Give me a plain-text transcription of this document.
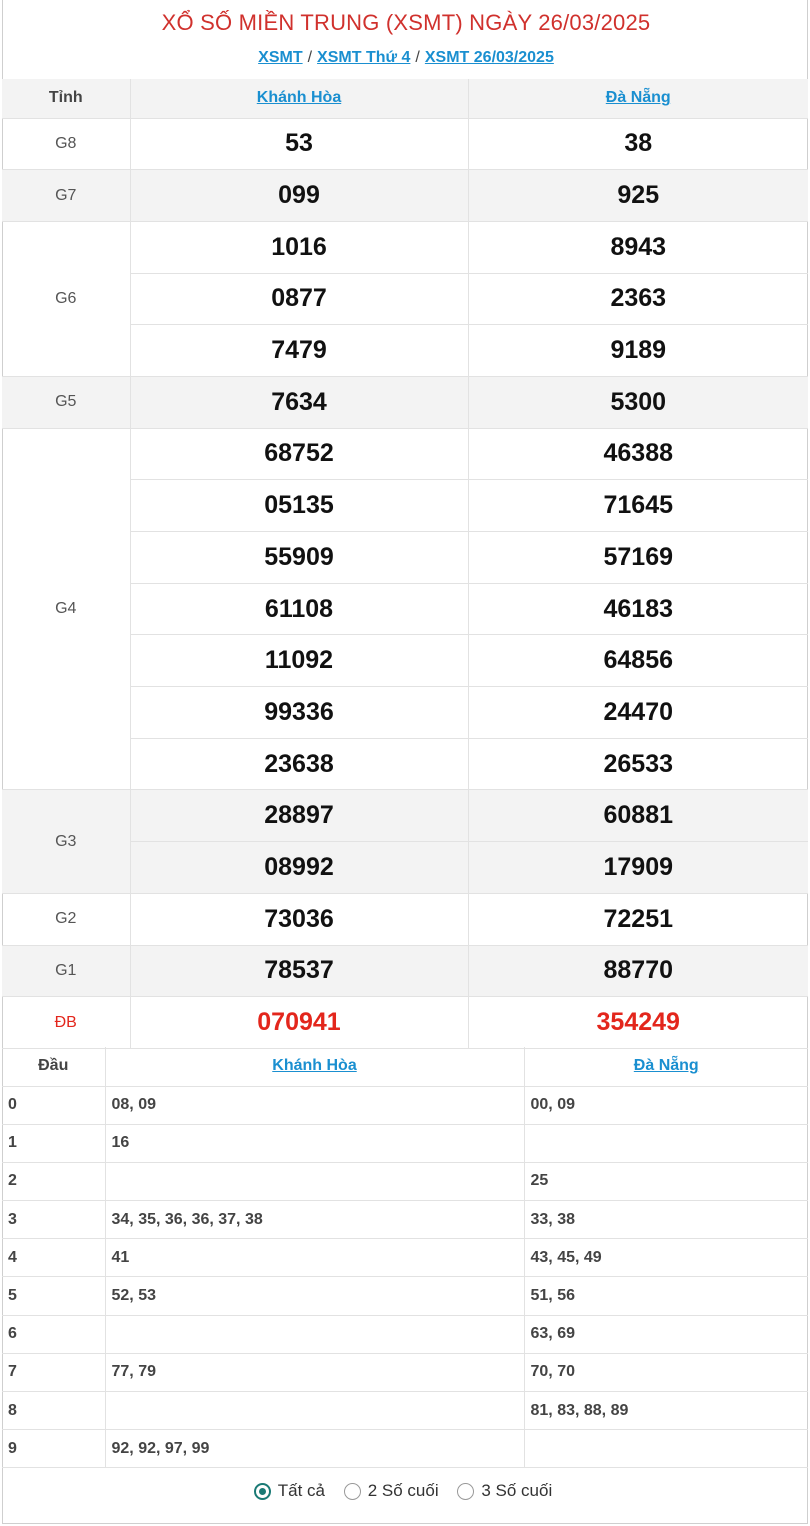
XỔ SỐ MIỀN TRUNG (XSMT) NGÀY 26/03/2025
XSMT / XSMT Thứ 4 / XSMT 26/03/2025
Tỉnh	Khánh Hòa	Đà Nẵng
G8	53	38
G7	099	925
G6	1016	8943
	0877	2363
	7479	9189
G5	7634	5300
G4	68752	46388
	05135	71645
	55909	57169
	61108	46183
	11092	64856
	99336	24470
	23638	26533
G3	28897	60881
	08992	17909
G2	73036	72251
G1	78537	88770
ĐB	070941	354249
Đầu	Khánh Hòa	Đà Nẵng
0	08, 09	00, 09
1	16	
2		25
3	34, 35, 36, 36, 37, 38	33, 38
4	41	43, 45, 49
5	52, 53	51, 56
6		63, 69
7	77, 79	70, 70
8		81, 83, 88, 89
9	92, 92, 97, 99	
Tất cả
	2 Số cuối
	3 Số cuối
